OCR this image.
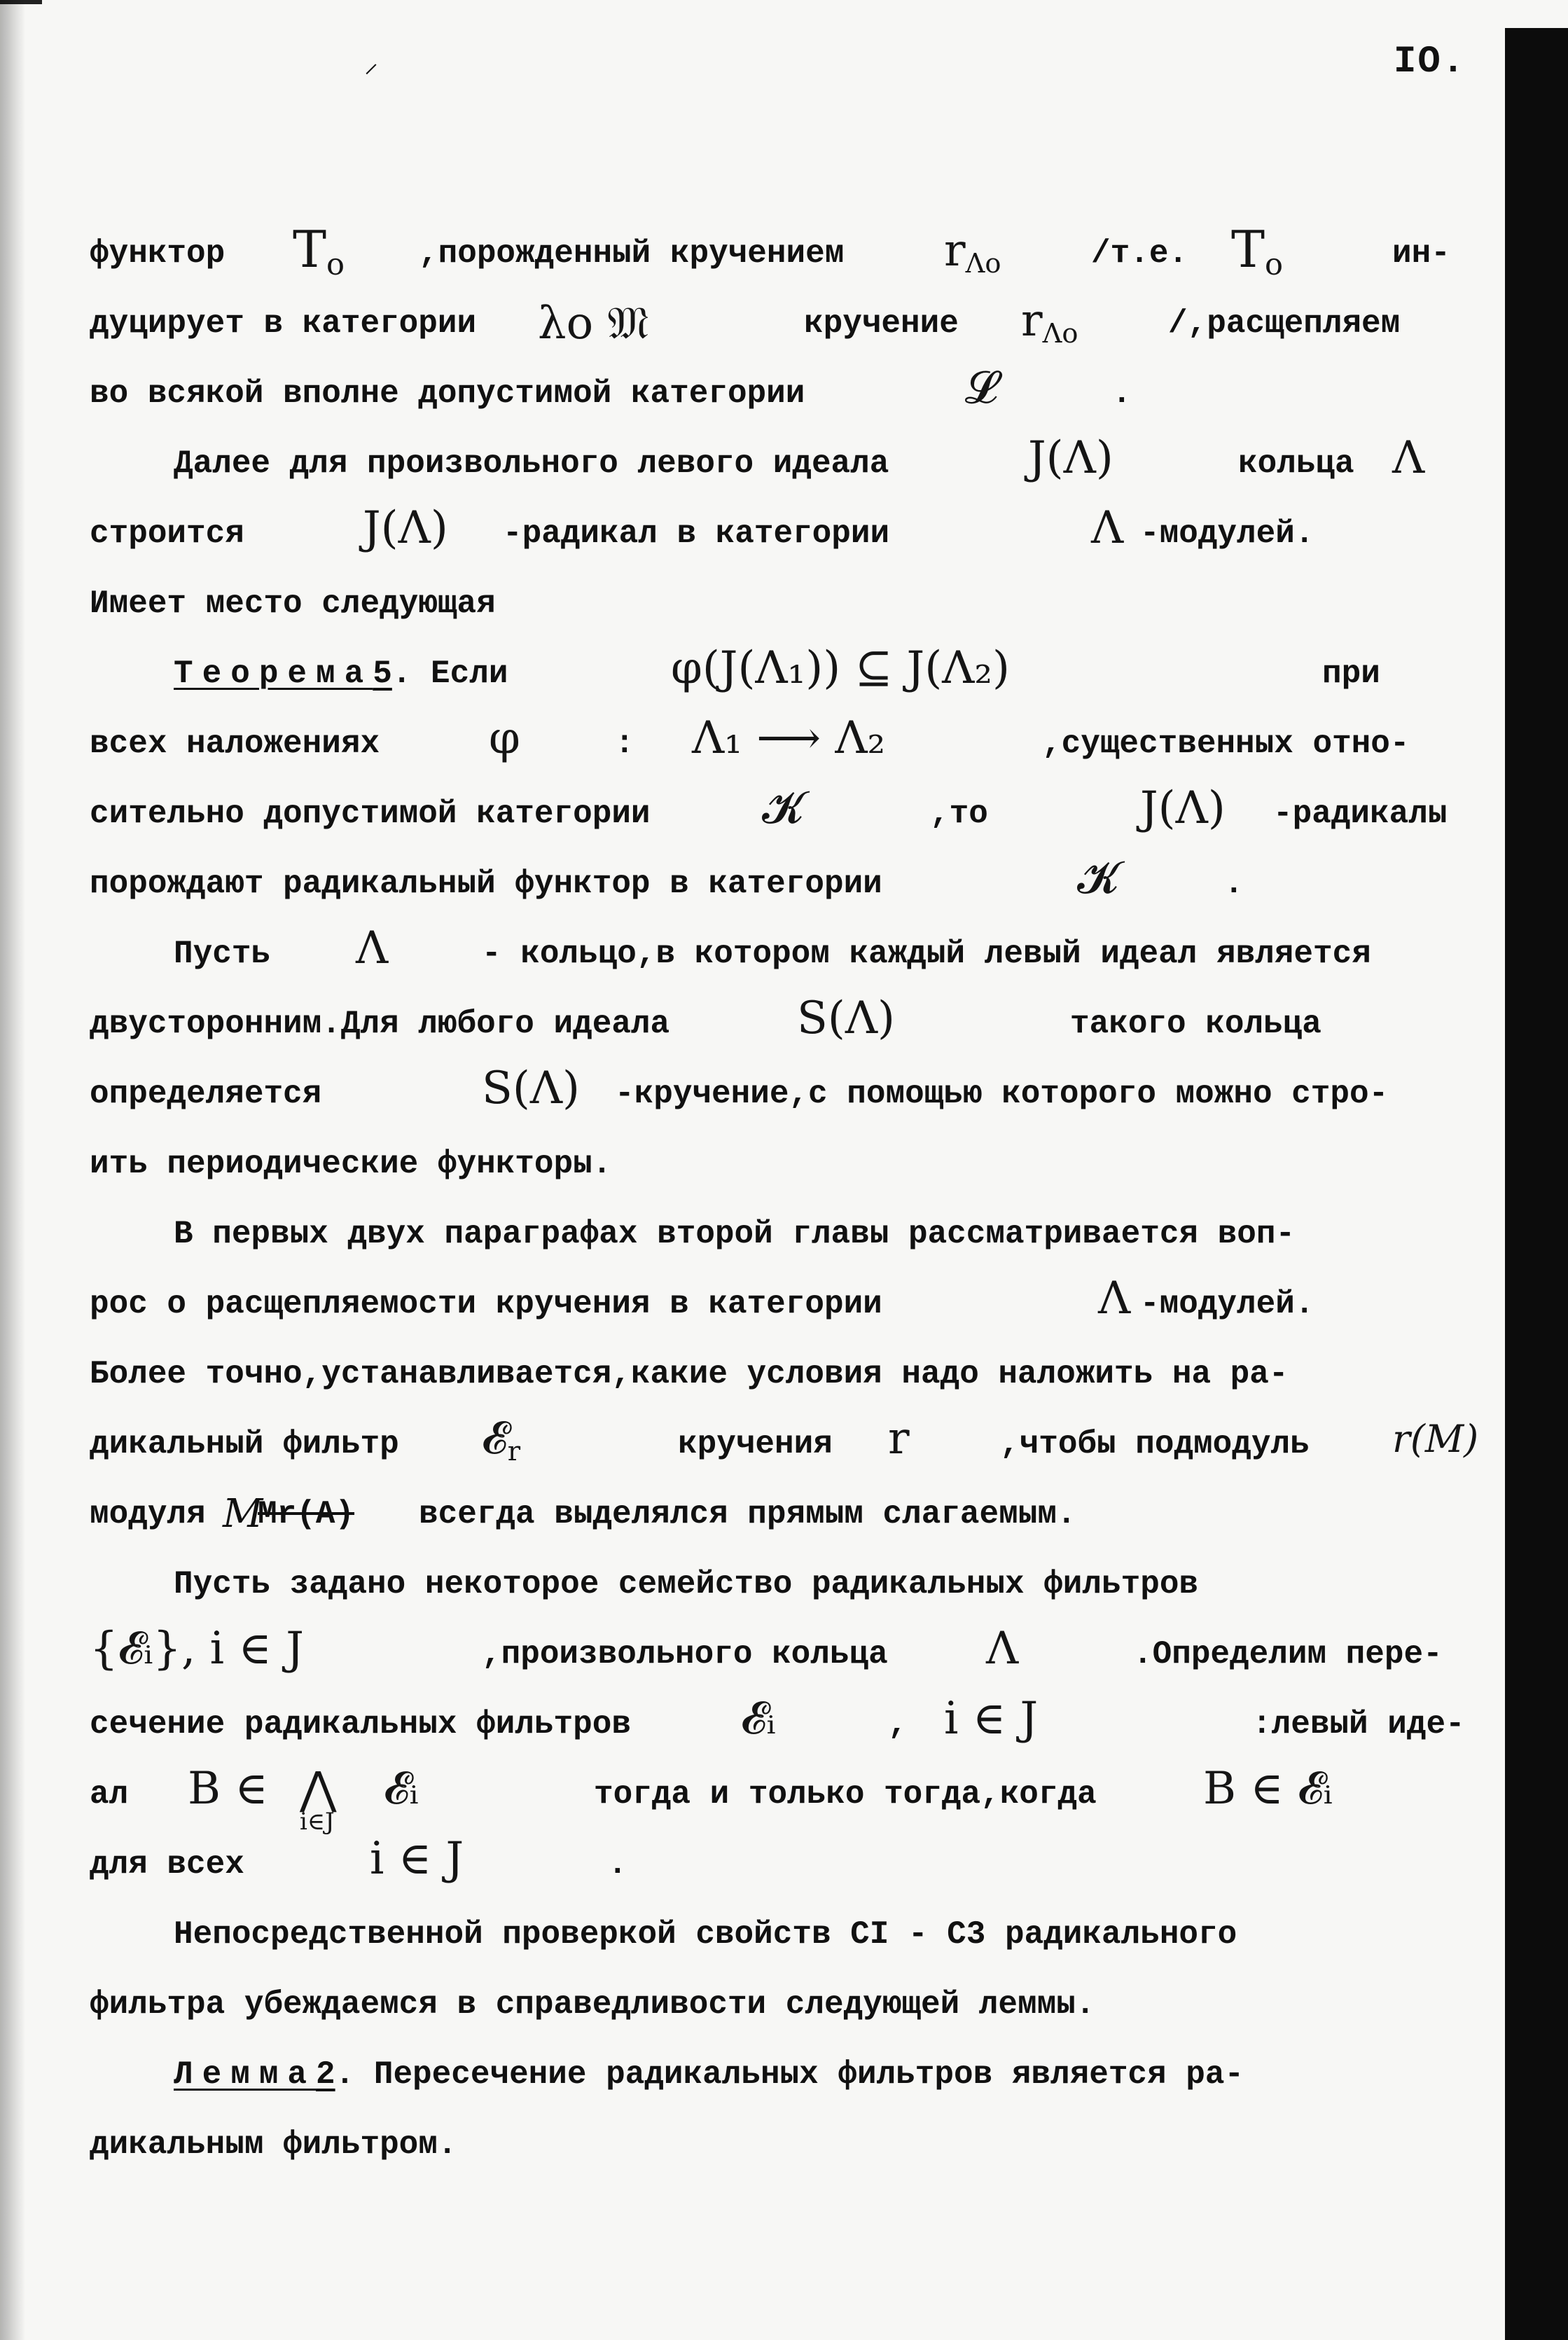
⸝	IO.
функтор To ,порожденный кручением rΛo	/т.е. To	ин-
дуцирует в категории λo 𝔐	кручение rΛo	/,расщепляем
во всякой вполне допустимой категории	𝓛	.
Далее для произвольного левого идеала	J(Λ)	кольца Λ
строится	J(Λ) -радикал в категории	Λ -модулей.
Имеет место следующая
Теорема5. Если	φ(J(Λ₁)) ⊆ J(Λ₂)	при
всех наложениях φ	: Λ₁ ⟶ Λ₂	,существенных отно-
сительно допустимой категории 𝓚	,то	J(Λ) -радикалы
порождают радикальный функтор в категории	𝓚	.
Пусть Λ	- кольцо,в котором каждый левый идеал является
двусторонним.Для любого идеала	S(Λ)	такого кольца
определяется	S(Λ) -кручение,с помощью которого можно стро-
ить периодические функторы.
В первых двух параграфах второй главы рассматривается воп-
рос о расщепляемости кручения в категории	Λ -модулей.
Более точно,устанавливается,какие условия надо наложить на ра-
дикальный фильтр 𝓔r	кручения r	,чтобы подмодуль r(M)
модуля M
Mr(A) всегда выделялся прямым слагаемым.
Пусть задано некоторое семейство радикальных фильтров
{𝓔ᵢ}, i ∈ J	,произвольного кольца Λ	.Определим пере-
сечение радикальных фильтров 𝓔ᵢ	, i ∈ J	:левый иде-
ал B ∈ ⋀
i∈J
𝓔ᵢ	тогда и только тогда,когда B ∈ 𝓔ᵢ
для всех	i ∈ J	.
Непосредственной проверкой свойств CI - C3 радикального
фильтра убеждаемся в справедливости следующей леммы.
Лемма2. Пересечение радикальных фильтров является ра-
дикальным фильтром.
